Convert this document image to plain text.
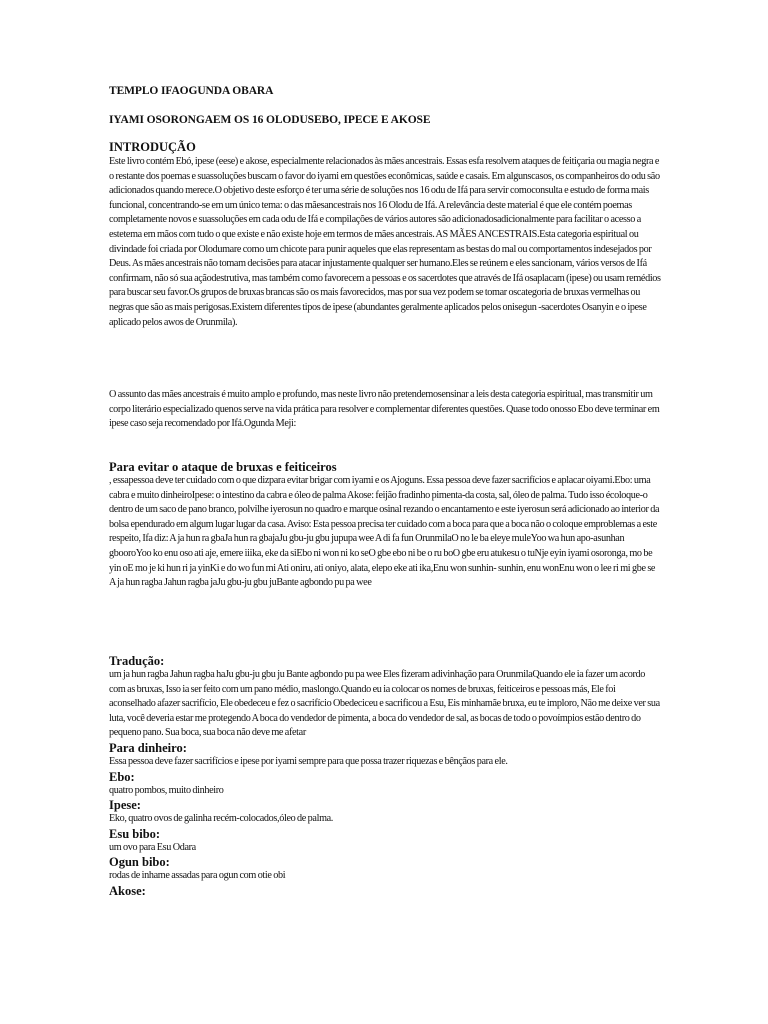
TEMPLO IFAOGUNDA OBARA

IYAMI OSORONGAEM OS 16 OLODUSEBO, IPECE E AKOSE

INTRODUÇÃO

Este livro contém Ebó, ipese (eese) e akose, especialmente relacionados às mães ancestrais. Essas esfa resolvem ataques de feitiçaria ou magia negra e o restante dos poemas e suassoluções buscam o favor do iyami em questões econômicas, saúde e casais. Em algunscasos, os companheiros do odu são adicionados quando merece.O objetivo deste esforço é ter uma série de soluções nos 16 odu de Ifá para servir comoconsulta e estudo de forma mais funcional, concentrando-se em um único tema: o das mãesancestrais nos 16 Olodu de Ifá. A relevância deste material é que ele contém poemas completamente novos e suassoluções em cada odu de Ifá e compilações de vários autores são adicionadosadicionalmente para facilitar o acesso a estetema em mãos com tudo o que existe e não existe hoje em termos de mães ancestrais. AS MÃES ANCESTRAIS.Esta categoria espiritual ou divindade foi criada por Olodumare como um chicote para punir aqueles que elas representam as bestas do mal ou comportamentos indesejados por Deus. As mães ancestrais não tomam decisões para atacar injustamente qualquer ser humano.Eles se reúnem e eles sancionam, vários versos de Ifá confirmam, não só sua açãodestrutiva, mas também como favorecem a pessoas e os sacerdotes que através de Ifá osaplacam (ipese) ou usam remédios para buscar seu favor.Os grupos de bruxas brancas são os mais favorecidos, mas por sua vez podem se tomar oscategoria de bruxas vermelhas ou negras que são as mais perigosas.Existem diferentes tipos de ipese (abundantes geralmente aplicados pelos onisegun -sacerdotes Osanyin e o ipese aplicado pelos awos de Orunmila).

O assunto das mães ancestrais é muito amplo e profundo, mas neste livro não pretendemosensinar a leis desta categoria espiritual, mas transmitir um corpo literário especializado quenos serve na vida prática para resolver e complementar diferentes questões. Quase todo onosso Ebo deve terminar em ipese caso seja recomendado por Ifá.Ogunda Meji:

Para evitar o ataque de bruxas e feiticeiros

, essapessoa deve ter cuidado com o que dizpara evitar brigar com iyami e os Ajoguns. Essa pessoa deve fazer sacrifícios e aplacar oiyami.Ebo: uma cabra e muito dinheiroIpese: o intestino da cabra e óleo de palma Akose: feijão fradinho pimenta-da costa, sal, óleo de palma. Tudo isso écoloque-o dentro de um saco de pano branco, polvilhe iyerosun no quadro e marque osinal rezando o encantamento e este iyerosun será adicionado ao interior da bolsa ependurado em algum lugar lugar da casa. Aviso: Esta pessoa precisa ter cuidado com a boca para que a boca não o coloque emproblemas a este respeito, Ifa diz: A ja hun ra gbaJa hun ra gbajaJu gbu-ju gbu jupupa wee A di fa fun OrunmilaO no le ba eleye muleYoo wa hun apo-asunhan gbooroYoo ko enu oso ati aje, emere iiika, eke da siEbo ni won ni ko seO gbe ebo ni be o ru boO gbe eru atukesu o tuNje eyin iyami osoronga, mo be yin oE mo je ki hun ri ja yinKi e do wo fun mi Ati oniru, ati oniyo, alata, elepo eke ati ika,Enu won sunhin- sunhin, enu wonEnu won o lee ri mi gbe se A ja hun ragba Jahun ragba jaJu gbu-ju gbu juBante agbondo pu pa wee

Tradução:

um ja hun ragba Jahun ragba haJu gbu-ju gbu ju Bante agbondo pu pa wee Eles fizeram adivinhação para OrunmilaQuando ele ia fazer um acordo com as bruxas, Isso ia ser feito com um pano médio, maslongo.Quando eu ia colocar os nomes de bruxas, feiticeiros e pessoas más, Ele foi aconselhado afazer sacrifício, Ele obedeceu e fez o sacrifício Obedeciceu e sacrificou a Esu, Eis minhamãe bruxa, eu te imploro, Não me deixe ver sua luta, você deveria estar me protegendo A boca do vendedor de pimenta, a boca do vendedor de sal, as bocas de todo o povoímpios estão dentro do pequeno pano. Sua boca, sua boca não deve me afetar

Para dinheiro:

Essa pessoa deve fazer sacrifícios e ipese por iyami sempre para que possa trazer riquezas e bênçãos para ele.

Ebo:

quatro pombos, muito dinheiro

Ipese:

Eko, quatro ovos de galinha recém-colocados,óleo de palma.

Esu bibo:

um ovo para Esu Odara

Ogun bibo:

rodas de inhame assadas para ogun com otie obi

Akose:
